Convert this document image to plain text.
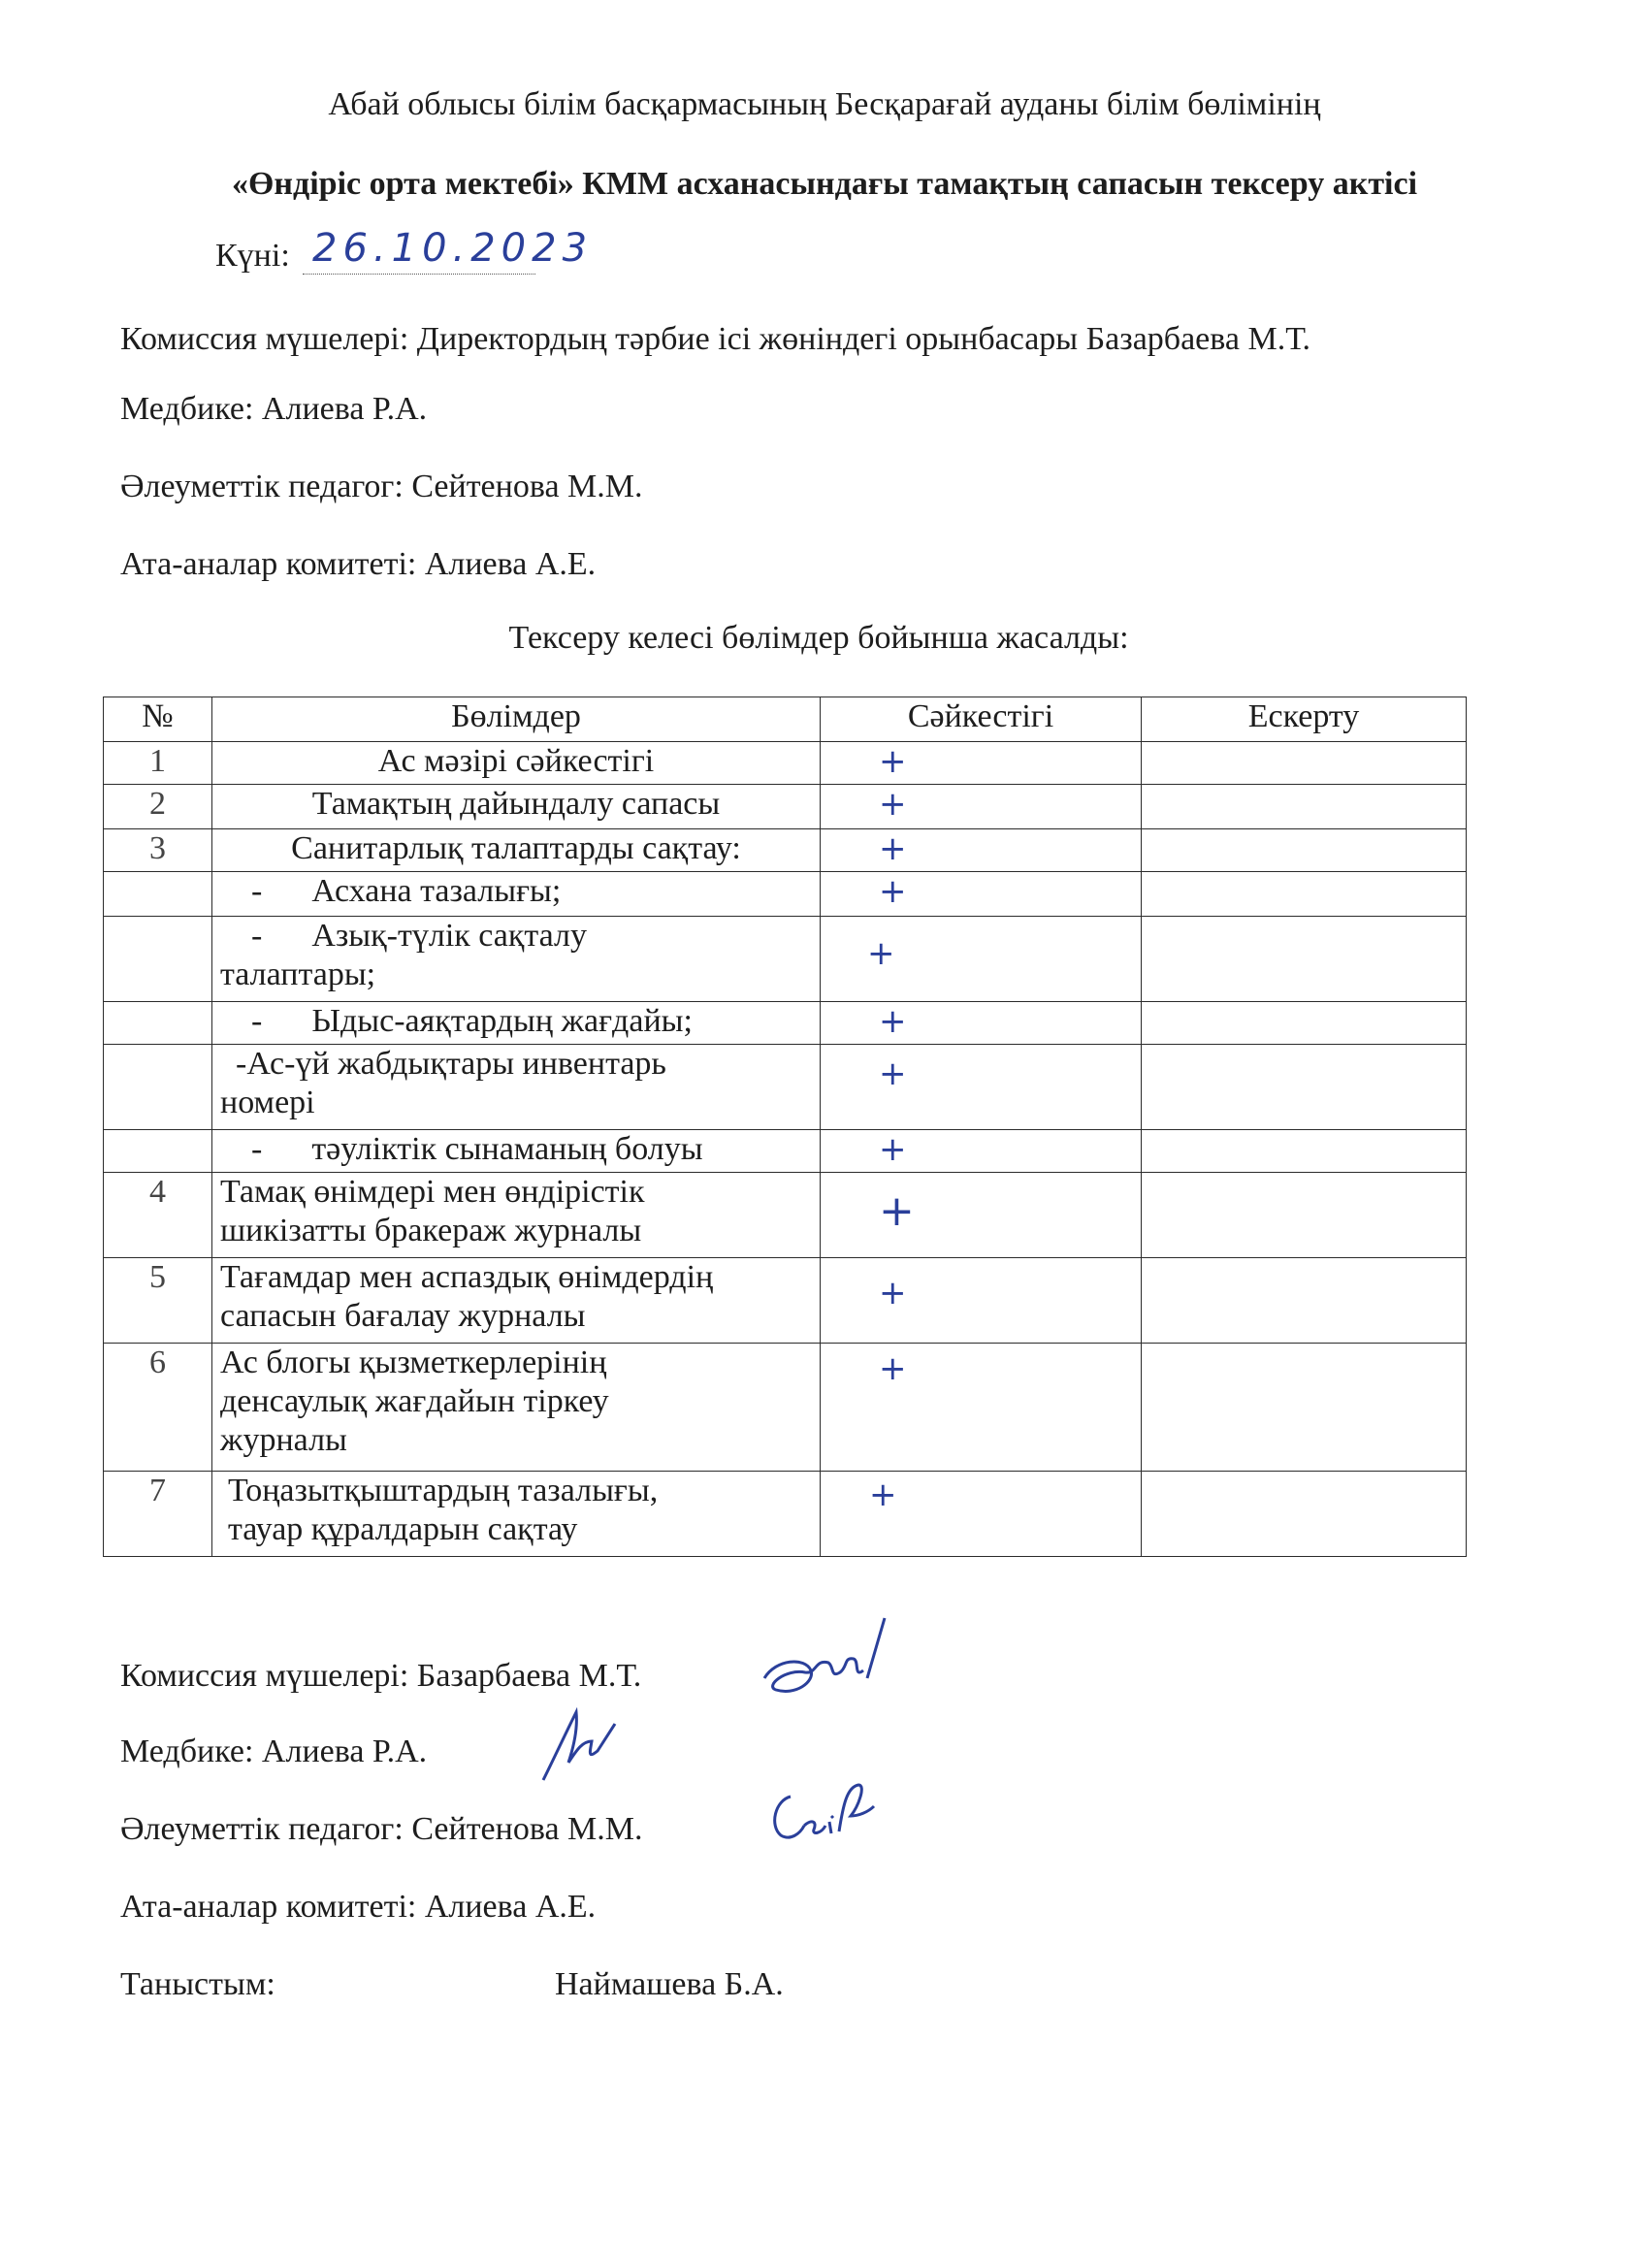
Абай облысы білім басқармасының Бесқарағай ауданы білім бөлімінің
«Өндіріс орта мектебі» КММ асханасындағы тамақтың сапасын тексеру актісі
Күні: 26.10.2023
Комиссия мүшелері: Директордың тәрбие ісі жөніндегі орынбасары Базарбаева М.Т.
Медбике: Алиева Р.А.
Әлеуметтік педагог: Сейтенова М.М.
Ата-аналар комитеті: Алиева А.Е.
Тексеру келесі бөлімдер бойынша жасалды:
№	Бөлімдер	Сәйкестігі	Ескерту
1	Ас мәзірі сәйкестігі	+	
2	Тамақтың дайындалу сапасы	+	
3	Санитарлық талаптарды сақтау:	+	
	-      Асхана тазалығы;	+	

	-      Азық-түлік сақталу
талаптары;	+	
	-      Ыдыс-аяқтардың жағдайы;	+	

	-Ас-үй жабдықтары инвентарь
номері	+	
	-      тәуліктік сынаманың болуы	+	
4	Тамақ өнімдері мен өндірістік
шикізатты бракераж журналы	+	
5	Тағамдар мен аспаздық өнімдердің
сапасын бағалау журналы	+	
6	Ас блогы қызметкерлерінің
денсаулық жағдайын тіркеу
журналы	+	
7	Тоңазытқыштардың тазалығы,
тауар құралдарын сақтау	+	
Комиссия мүшелері: Базарбаева М.Т.
Медбике: Алиева Р.А.
Әлеуметтік педагог: Сейтенова М.М.
Ата-аналар комитеті: Алиева А.Е.
Таныстым:	Наймашева Б.А.
